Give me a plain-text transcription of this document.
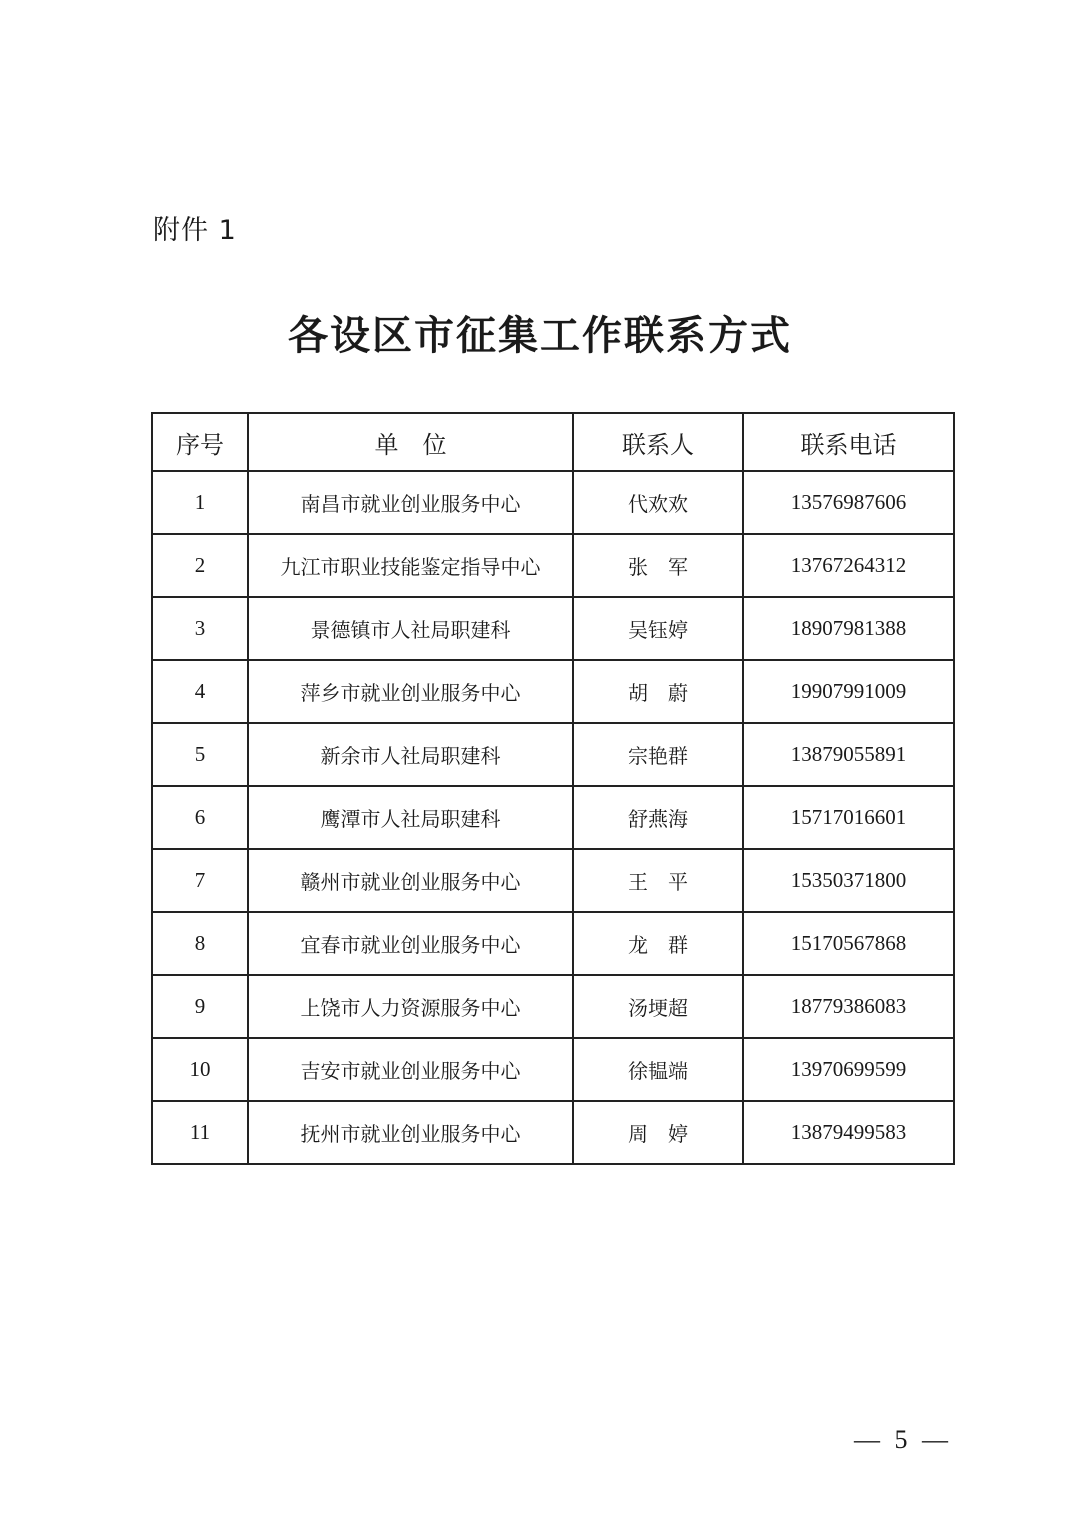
附件 1
各设区市征集工作联系方式
序号	单　位	联系人	联系电话
1	南昌市就业创业服务中心	代欢欢	13576987606
2	九江市职业技能鉴定指导中心	张　军	13767264312
3	景德镇市人社局职建科	吴钰婷	18907981388
4	萍乡市就业创业服务中心	胡　蔚	19907991009
5	新余市人社局职建科	宗艳群	13879055891
6	鹰潭市人社局职建科	舒燕海	15717016601
7	赣州市就业创业服务中心	王　平	15350371800
8	宜春市就业创业服务中心	龙　群	15170567868
9	上饶市人力资源服务中心	汤埂超	18779386083
10	吉安市就业创业服务中心	徐韫端	13970699599
11	抚州市就业创业服务中心	周　婷	13879499583
— 5 —
